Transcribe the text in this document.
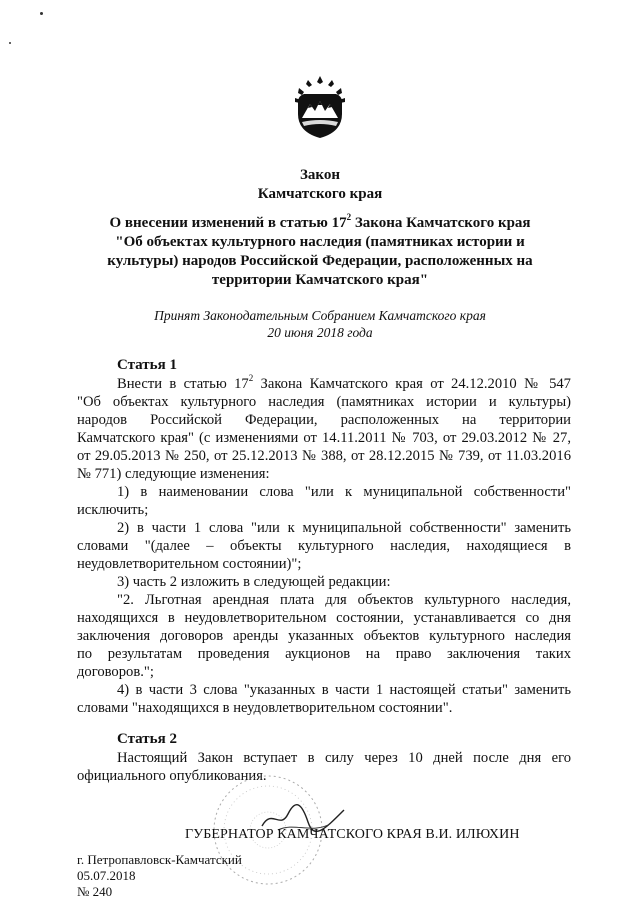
Закон
Камчатского края
О внесении изменений в статью $17^2$ Закона Камчатского края
"Об объектах культурного наследия (памятниках истории и
культуры) народов Российской Федерации, расположенных на
территории Камчатского края"
Принят Законодательным Собранием Камчатского края
20 июня 2018 года
Статья 1
Внести в статью $17^2$ Закона Камчатского края от 24.12.2010 № 547
"Об объектах культурного наследия (памятниках истории и культуры)
народов Российской Федерации, расположенных на территории
Камчатского края" (с изменениями от 14.11.2011 № 703, от 29.03.2012 № 27,
от 29.05.2013 № 250, от 25.12.2013 № 388, от 28.12.2015 № 739, от 11.03.2016
№ 771) следующие изменения:
1) в наименовании слова "или к муниципальной собственности"
исключить;
2) в части 1 слова "или к муниципальной собственности" заменить
словами "(далее – объекты культурного наследия, находящиеся в
неудовлетворительном состоянии)";
3) часть 2 изложить в следующей редакции:
"2. Льготная арендная плата для объектов культурного наследия,
находящихся в неудовлетворительном состоянии, устанавливается со дня
заключения договоров аренды указанных объектов культурного наследия
по результатам проведения аукционов на право заключения таких
договоров.";
4) в части 3 слова "указанных в части 1 настоящей статьи" заменить
словами "находящихся в неудовлетворительном состоянии".
Статья 2
Настоящий Закон вступает в силу через 10 дней после дня его
официального опубликования.
ГУБЕРНАТОР КАМЧАТСКОГО КРАЯ В.И. ИЛЮХИН
г. Петропавловск-Камчатский
05.07.2018
№ 240
